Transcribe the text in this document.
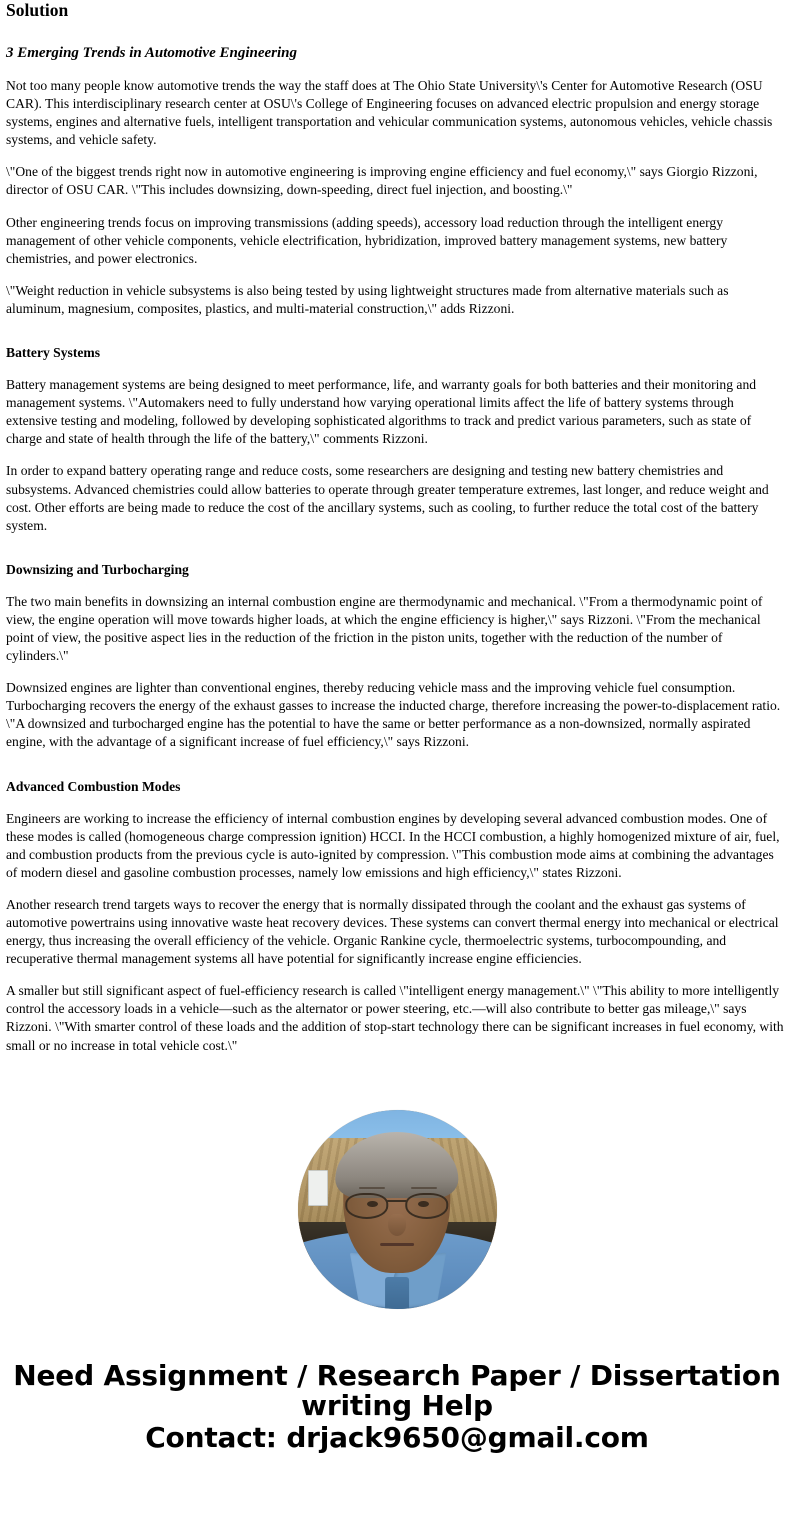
Solution
3 Emerging Trends in Automotive Engineering

Not too many people know automotive trends the way the staff does at The Ohio State University\'s Center for Automotive Research (OSU CAR). This interdisciplinary research center at OSU\'s College of Engineering focuses on advanced electric propulsion and energy storage systems, engines and alternative fuels, intelligent transportation and vehicular communication systems, autonomous vehicles, vehicle chassis systems, and vehicle safety.

\"One of the biggest trends right now in automotive engineering is improving engine efficiency and fuel economy,\" says Giorgio Rizzoni, director of OSU CAR. \"This includes downsizing, down-speeding, direct fuel injection, and boosting.\"

Other engineering trends focus on improving transmissions (adding speeds), accessory load reduction through the intelligent energy management of other vehicle components, vehicle electrification, hybridization, improved battery management systems, new battery chemistries, and power electronics.

\"Weight reduction in vehicle subsystems is also being tested by using lightweight structures made from alternative materials such as aluminum, magnesium, composites, plastics, and multi-material construction,\" adds Rizzoni.

Battery Systems

Battery management systems are being designed to meet performance, life, and warranty goals for both batteries and their monitoring and management systems. \"Automakers need to fully understand how varying operational limits affect the life of battery systems through extensive testing and modeling, followed by developing sophisticated algorithms to track and predict various parameters, such as state of charge and state of health through the life of the battery,\" comments Rizzoni.

In order to expand battery operating range and reduce costs, some researchers are designing and testing new battery chemistries and subsystems. Advanced chemistries could allow batteries to operate through greater temperature extremes, last longer, and reduce weight and cost. Other efforts are being made to reduce the cost of the ancillary systems, such as cooling, to further reduce the total cost of the battery system.

Downsizing and Turbocharging

The two main benefits in downsizing an internal combustion engine are thermodynamic and mechanical. \"From a thermodynamic point of view, the engine operation will move towards higher loads, at which the engine efficiency is higher,\" says Rizzoni. \"From the mechanical point of view, the positive aspect lies in the reduction of the friction in the piston units, together with the reduction of the number of cylinders.\"

Downsized engines are lighter than conventional engines, thereby reducing vehicle mass and the improving vehicle fuel consumption. Turbocharging recovers the energy of the exhaust gasses to increase the inducted charge, therefore increasing the power-to-displacement ratio. \"A downsized and turbocharged engine has the potential to have the same or better performance as a non-downsized, normally aspirated engine, with the advantage of a significant increase of fuel efficiency,\" says Rizzoni.

Advanced Combustion Modes

Engineers are working to increase the efficiency of internal combustion engines by developing several advanced combustion modes. One of these modes is called (homogeneous charge compression ignition) HCCI. In the HCCI combustion, a highly homogenized mixture of air, fuel, and combustion products from the previous cycle is auto-ignited by compression. \"This combustion mode aims at combining the advantages of modern diesel and gasoline combustion processes, namely low emissions and high efficiency,\" states Rizzoni.

Another research trend targets ways to recover the energy that is normally dissipated through the coolant and the exhaust gas systems of automotive powertrains using innovative waste heat recovery devices. These systems can convert thermal energy into mechanical or electrical energy, thus increasing the overall efficiency of the vehicle. Organic Rankine cycle, thermoelectric systems, turbocompounding, and recuperative thermal management systems all have potential for significantly increase engine efficiencies.

A smaller but still significant aspect of fuel-efficiency research is called \"intelligent energy management.\" \"This ability to more intelligently control the accessory loads in a vehicle—such as the alternator or power steering, etc.—will also contribute to better gas mileage,\" says Rizzoni. \"With smarter control of these loads and the addition of stop-start technology there can be significant increases in fuel economy, with small or no increase in total vehicle cost.\"

Need Assignment / Research Paper / Dissertation
writing Help
Contact: drjack9650@gmail.com
